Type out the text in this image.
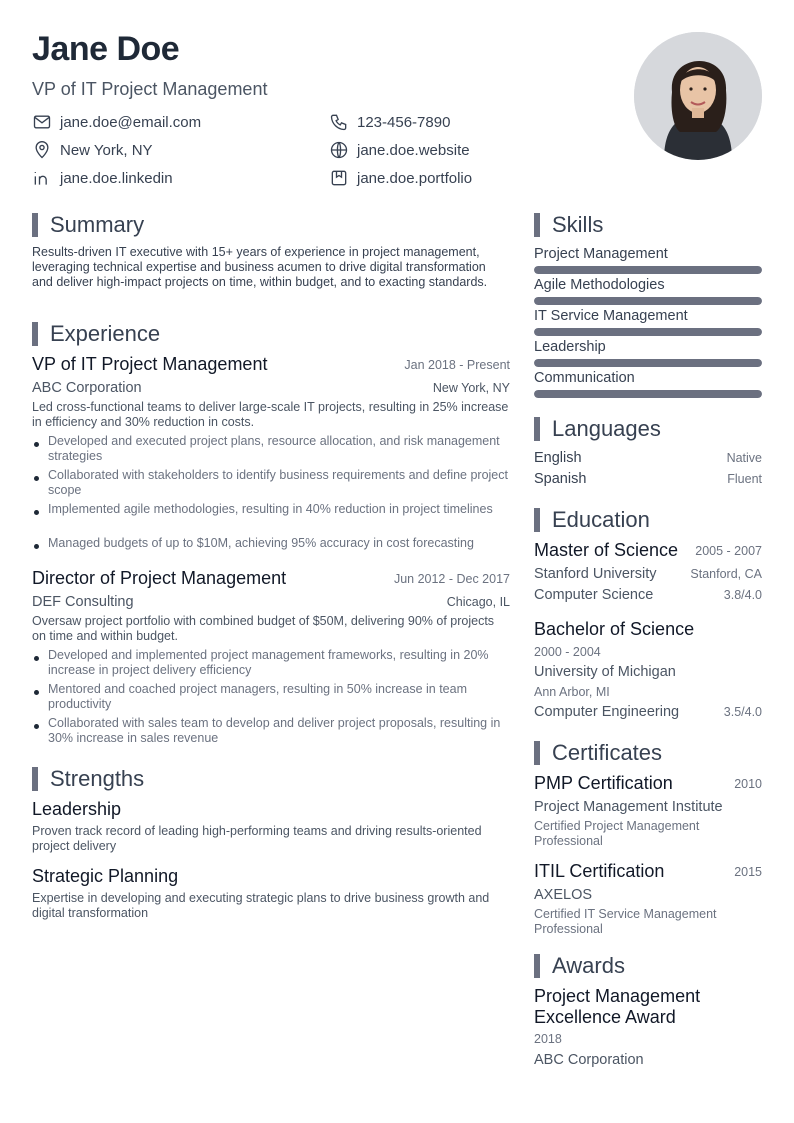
Jane Doe
VP of IT Project Management
jane.doe@email.com	123-456-7890
New York, NY	jane.doe.website
jane.doe.linkedin	jane.doe.portfolio
Summary
Results-driven IT executive with 15+ years of experience in project management, leveraging technical expertise and business acumen to drive digital transformation and deliver high-impact projects on time, within budget, and to exacting standards.
Experience
VP of IT Project Management	Jan 2018 - Present
ABC Corporation	New York, NY
Led cross-functional teams to deliver large-scale IT projects, resulting in 25% increase in efficiency and 30% reduction in costs.
Developed and executed project plans, resource allocation, and risk management strategies
Collaborated with stakeholders to identify business requirements and define project scope
Implemented agile methodologies, resulting in 40% reduction in project timelines
Managed budgets of up to $10M, achieving 95% accuracy in cost forecasting
Director of Project Management	Jun 2012 - Dec 2017
DEF Consulting	Chicago, IL
Oversaw project portfolio with combined budget of $50M, delivering 90% of projects on time and within budget.
Developed and implemented project management frameworks, resulting in 20% increase in project delivery efficiency
Mentored and coached project managers, resulting in 50% increase in team productivity
Collaborated with sales team to develop and deliver project proposals, resulting in 30% increase in sales revenue
Strengths
Leadership
Proven track record of leading high-performing teams and driving results-oriented project delivery
Strategic Planning
Expertise in developing and executing strategic plans to drive business growth and digital transformation
Skills
Project Management
Agile Methodologies
IT Service Management
Leadership
Communication
Languages
English	Native
Spanish	Fluent
Education
Master of Science	2005 - 2007
Stanford University	Stanford, CA
Computer Science	3.8/4.0
Bachelor of Science
2000 - 2004
University of Michigan
Ann Arbor, MI
Computer Engineering	3.5/4.0
Certificates
PMP Certification	2010
Project Management Institute
Certified Project Management Professional
ITIL Certification	2015
AXELOS
Certified IT Service Management Professional
Awards
Project Management Excellence Award
2018
ABC Corporation
